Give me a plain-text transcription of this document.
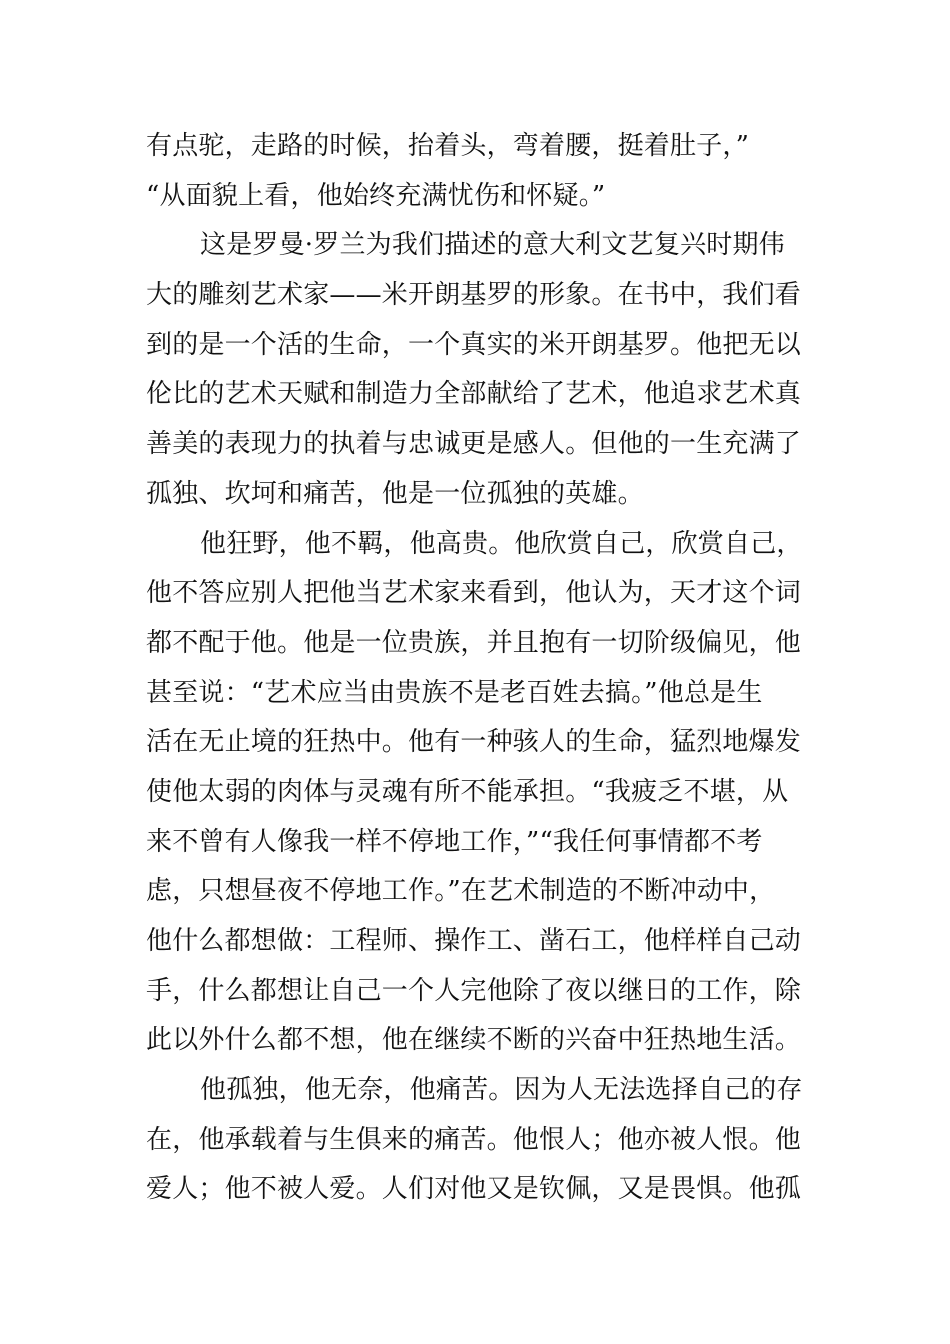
有点驼，走路的时候，抬着头，弯着腰，挺着肚子，”
“从面貌上看，他始终充满忧伤和怀疑。”
这是罗曼·罗兰为我们描述的意大利文艺复兴时期伟
大的雕刻艺术家——米开朗基罗的形象。在书中，我们看
到的是一个活的生命，一个真实的米开朗基罗。他把无以
伦比的艺术天赋和制造力全部献给了艺术，他追求艺术真
善美的表现力的执着与忠诚更是感人。但他的一生充满了
孤独、坎坷和痛苦，他是一位孤独的英雄。
他狂野，他不羁，他高贵。他欣赏自己，欣赏自己，
他不答应别人把他当艺术家来看到，他认为，天才这个词
都不配于他。他是一位贵族，并且抱有一切阶级偏见，他
甚至说：“艺术应当由贵族不是老百姓去搞。”他总是生
活在无止境的狂热中。他有一种骇人的生命，猛烈地爆发
使他太弱的肉体与灵魂有所不能承担。“我疲乏不堪，从
来不曾有人像我一样不停地工作，”“我任何事情都不考
虑，只想昼夜不停地工作。”在艺术制造的不断冲动中，
他什么都想做：工程师、操作工、凿石工，他样样自己动
手，什么都想让自己一个人完他除了夜以继日的工作，除
此以外什么都不想，他在继续不断的兴奋中狂热地生活。
他孤独，他无奈，他痛苦。因为人无法选择自己的存
在，他承载着与生俱来的痛苦。他恨人；他亦被人恨。他
爱人；他不被人爱。人们对他又是钦佩，又是畏惧。他孤
